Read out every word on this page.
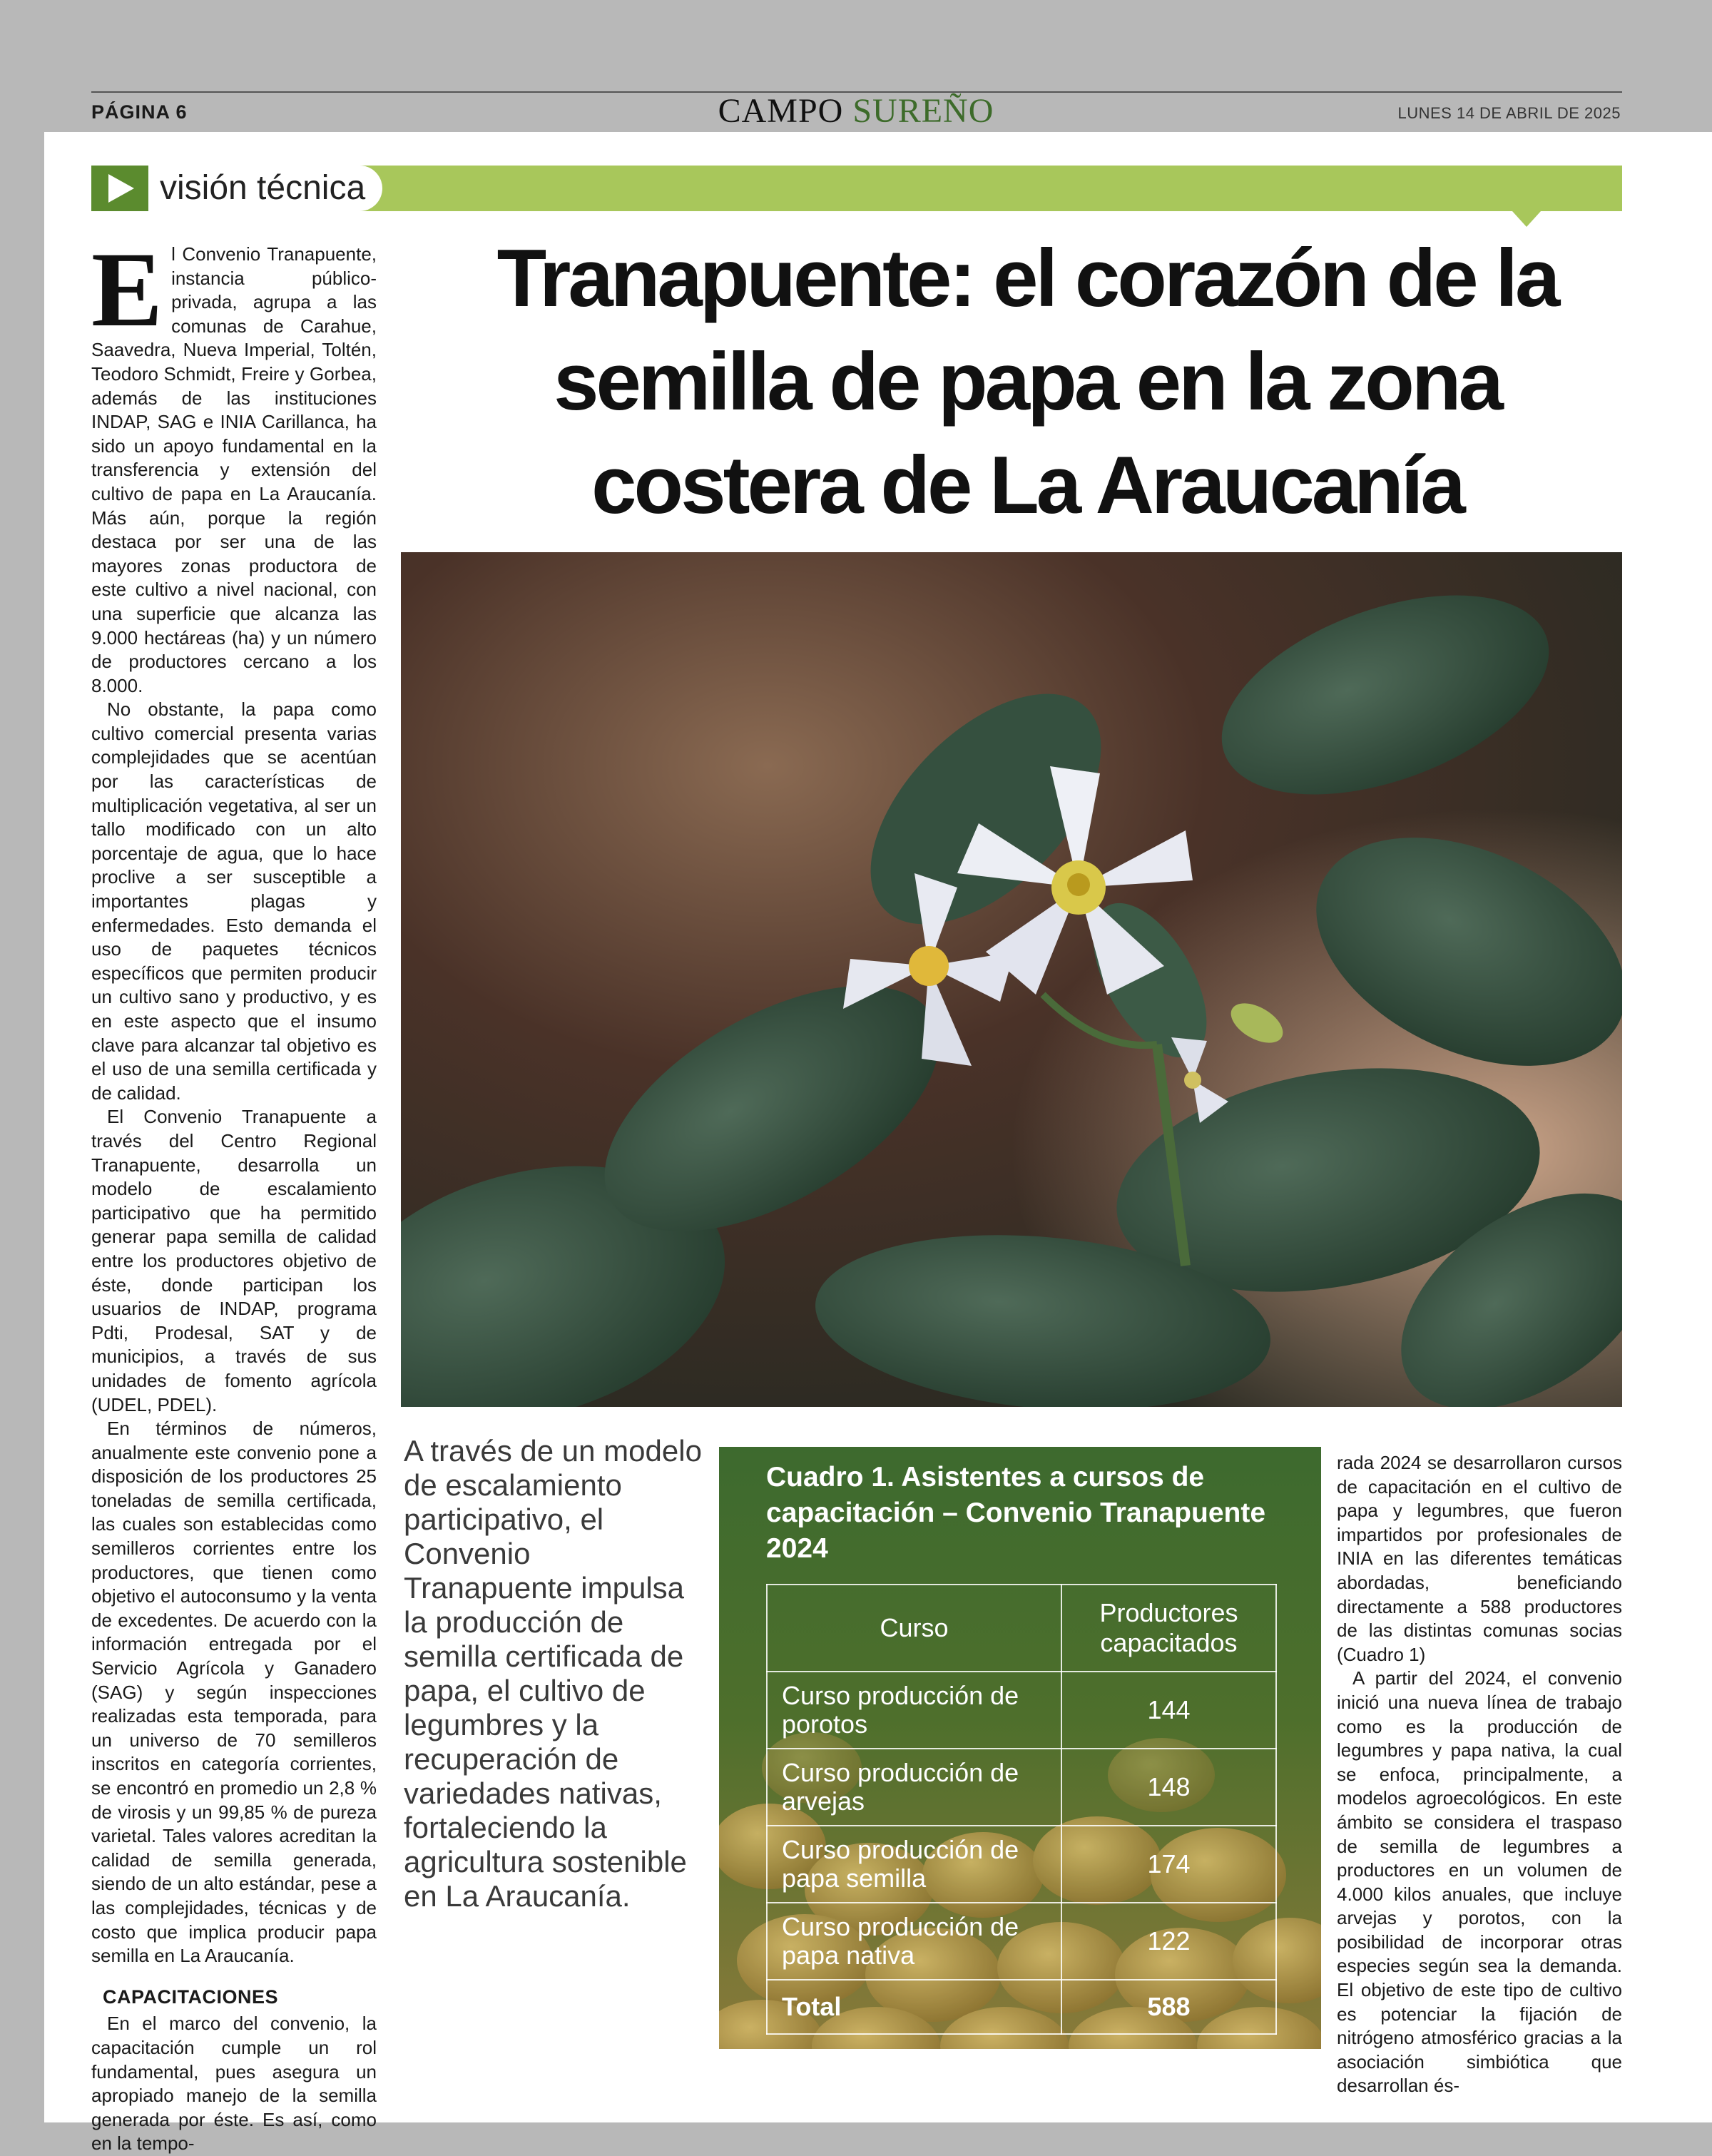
PÁGINA 6	CAMPO SUREÑO	LUNES 14 DE ABRIL DE 2025
visión técnica
Tranapuente: el corazón de la semilla de papa en la zona costera de La Araucanía

El Convenio Tranapuente, instancia público-privada, agrupa a las comunas de Carahue, Saavedra, Nueva Imperial, Toltén, Teodoro Schmidt, Freire y Gorbea, además de las instituciones INDAP, SAG e INIA Carillanca, ha sido un apoyo fundamental en la transferencia y extensión del cultivo de papa en La Araucanía. Más aún, porque la región destaca por ser una de las mayores zonas productora de este cultivo a nivel nacional, con una superficie que alcanza las 9.000 hectáreas (ha) y un número de productores cercano a los 8.000.

No obstante, la papa como cultivo comercial presenta varias complejidades que se acentúan por las características de multiplicación vegetativa, al ser un tallo modificado con un alto porcentaje de agua, que lo hace proclive a ser susceptible a importantes plagas y enfermedades. Esto demanda el uso de paquetes técnicos específicos que permiten producir un cultivo sano y productivo, y es en este aspecto que el insumo clave para alcanzar tal objetivo es el uso de una semilla certificada y de calidad.

El Convenio Tranapuente a través del Centro Regional Tranapuente, desarrolla un modelo de escalamiento participativo que ha permitido generar papa semilla de calidad entre los productores objetivo de éste, donde participan los usuarios de INDAP, programa Pdti, Prodesal, SAT y de municipios, a través de sus unidades de fomento agrícola (UDEL, PDEL).

En términos de números, anualmente este convenio pone a disposición de los productores 25 toneladas de semilla certificada, las cuales son establecidas como semilleros corrientes entre los productores, que tienen como objetivo el autoconsumo y la venta de excedentes. De acuerdo con la información entregada por el Servicio Agrícola y Ganadero (SAG) y según inspecciones realizadas esta temporada, para un universo de 70 semilleros inscritos en categoría corrientes, se encontró en promedio un 2,8 % de virosis y un 99,85 % de pureza varietal. Tales valores acreditan la calidad de semilla generada, siendo de un alto estándar, pese a las complejidades, técnicas y de costo que implica producir papa semilla en La Araucanía.

CAPACITACIONES

En el marco del convenio, la capacitación cumple un rol fundamental, pues asegura un apropiado manejo de la semilla generada por éste. Es así, como en la tempo-

A través de un modelo de escalamiento participativo, el Convenio Tranapuente impulsa la producción de semilla certificada de papa, el cultivo de legumbres y la recuperación de variedades nativas, fortaleciendo la agricultura sostenible en La Araucanía.
Cuadro 1. Asistentes a cursos de capacitación – Convenio Tranapuente 2024
Curso	Productores capacitados
Curso producción de porotos	144
Curso producción de arvejas	148
Curso producción de papa semilla	174
Curso producción de papa nativa	122
Total	588

rada 2024 se desarrollaron cursos de capacitación en el cultivo de papa y legumbres, que fueron impartidos por profesionales de INIA en las diferentes temáticas abordadas, beneficiando directamente a 588 productores de las distintas comunas socias (Cuadro 1)

A partir del 2024, el convenio inició una nueva línea de trabajo como es la producción de legumbres y papa nativa, la cual se enfoca, principalmente, a modelos agroecológicos. En este ámbito se considera el traspaso de semilla de legumbres a productores en un volumen de 4.000 kilos anuales, que incluye arvejas y porotos, con la posibilidad de incorporar otras especies según sea la demanda. El objetivo de este tipo de cultivo es potenciar la fijación de nitrógeno atmosférico gracias a la asociación simbiótica que desarrollan és-
